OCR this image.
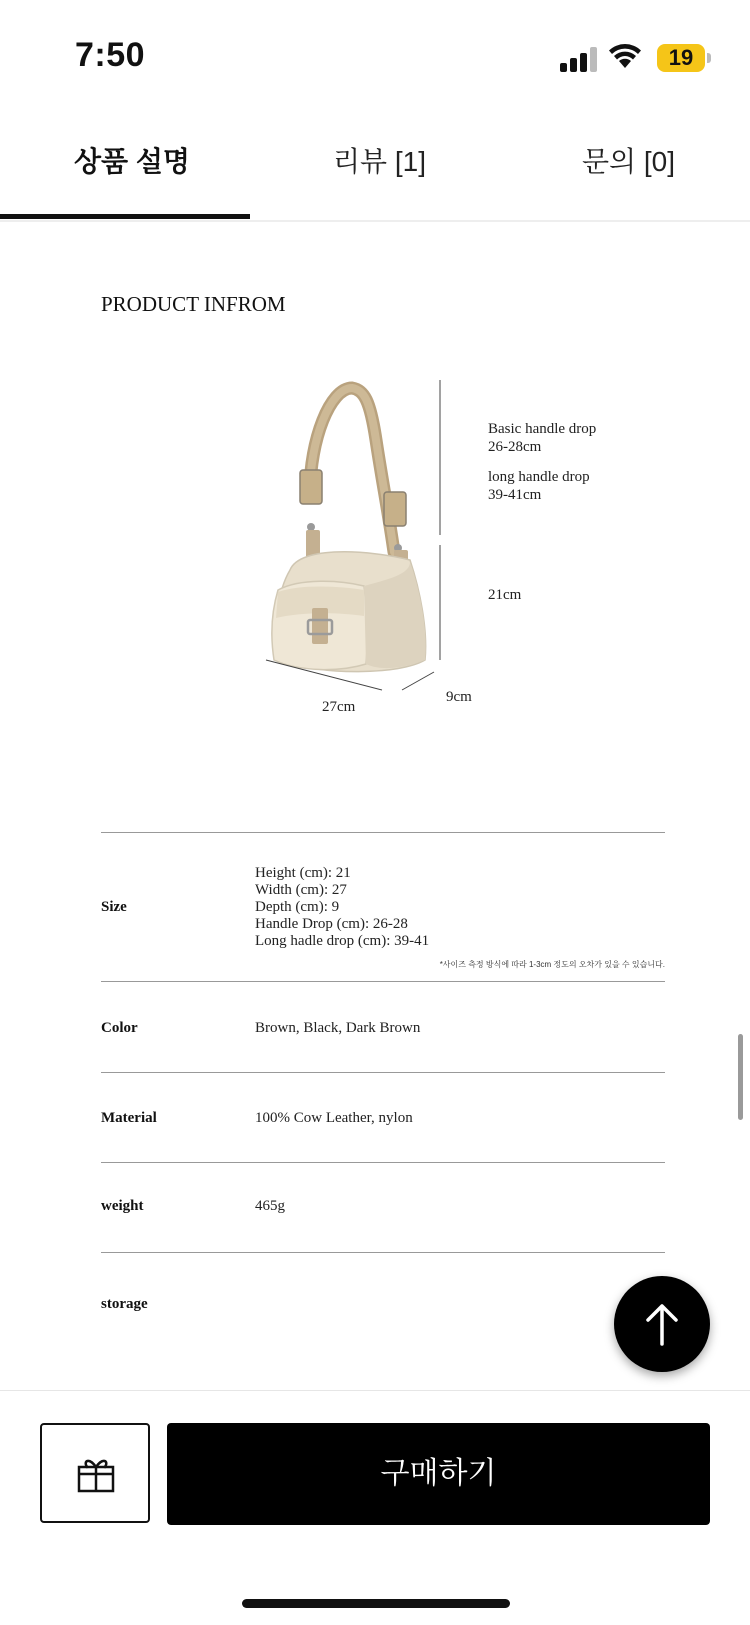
7:50	19
상품 설명	리뷰 [1]	문의 [0]
PRODUCT INFROM
Basic handle drop
26-28cm
long handle drop
39-41cm
21cm
27cm
9cm
Size
Height (cm): 21
Width (cm): 27
Depth (cm): 9
Handle Drop (cm): 26-28
Long hadle drop (cm): 39-41
*사이즈 측정 방식에 따라 1-3cm 정도의 오차가 있을 수 있습니다.
Color	Brown, Black, Dark Brown
Material	100% Cow Leather, nylon
weight	465g
storage
구매하기
